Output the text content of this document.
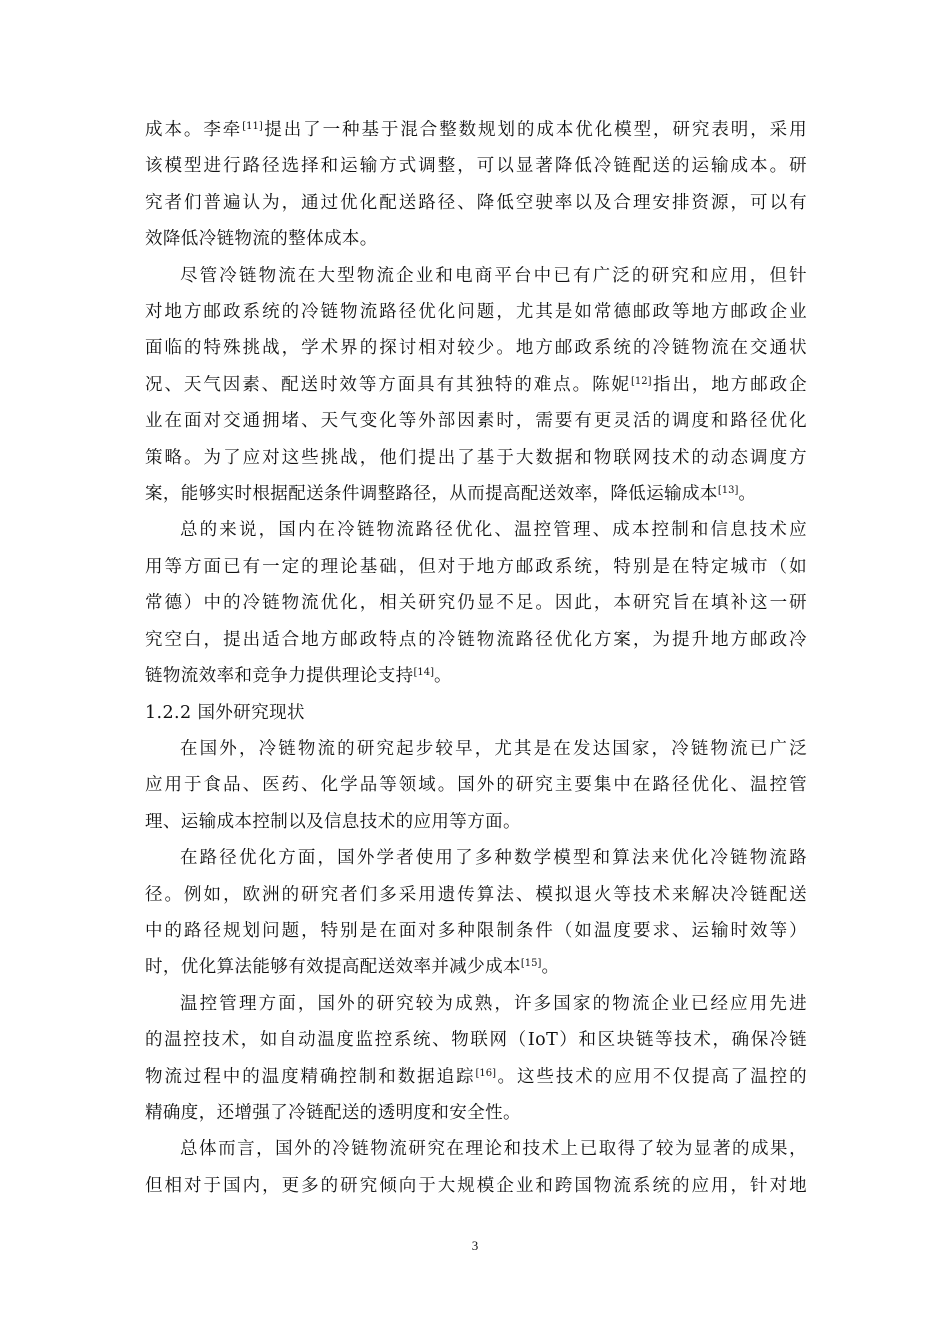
成本。李牵[11]提出了一种基于混合整数规划的成本优化模型，研究表明，采用
该模型进行路径选择和运输方式调整，可以显著降低冷链配送的运输成本。研
究者们普遍认为，通过优化配送路径、降低空驶率以及合理安排资源，可以有
效降低冷链物流的整体成本。
尽管冷链物流在大型物流企业和电商平台中已有广泛的研究和应用，但针
对地方邮政系统的冷链物流路径优化问题，尤其是如常德邮政等地方邮政企业
面临的特殊挑战，学术界的探讨相对较少。地方邮政系统的冷链物流在交通状
况、天气因素、配送时效等方面具有其独特的难点。陈妮[12]指出，地方邮政企
业在面对交通拥堵、天气变化等外部因素时，需要有更灵活的调度和路径优化
策略。为了应对这些挑战，他们提出了基于大数据和物联网技术的动态调度方
案，能够实时根据配送条件调整路径，从而提高配送效率，降低运输成本[13]。
总的来说，国内在冷链物流路径优化、温控管理、成本控制和信息技术应
用等方面已有一定的理论基础，但对于地方邮政系统，特别是在特定城市（如
常德）中的冷链物流优化，相关研究仍显不足。因此，本研究旨在填补这一研
究空白，提出适合地方邮政特点的冷链物流路径优化方案，为提升地方邮政冷
链物流效率和竞争力提供理论支持[14]。
1.2.2 国外研究现状
在国外，冷链物流的研究起步较早，尤其是在发达国家，冷链物流已广泛
应用于食品、医药、化学品等领域。国外的研究主要集中在路径优化、温控管
理、运输成本控制以及信息技术的应用等方面。
在路径优化方面，国外学者使用了多种数学模型和算法来优化冷链物流路
径。例如，欧洲的研究者们多采用遗传算法、模拟退火等技术来解决冷链配送
中的路径规划问题，特别是在面对多种限制条件（如温度要求、运输时效等）
时，优化算法能够有效提高配送效率并减少成本[15]。
温控管理方面，国外的研究较为成熟，许多国家的物流企业已经应用先进
的温控技术，如自动温度监控系统、物联网（IoT）和区块链等技术，确保冷链
物流过程中的温度精确控制和数据追踪[16]。这些技术的应用不仅提高了温控的
精确度，还增强了冷链配送的透明度和安全性。
总体而言，国外的冷链物流研究在理论和技术上已取得了较为显著的成果，
但相对于国内，更多的研究倾向于大规模企业和跨国物流系统的应用，针对地
3
